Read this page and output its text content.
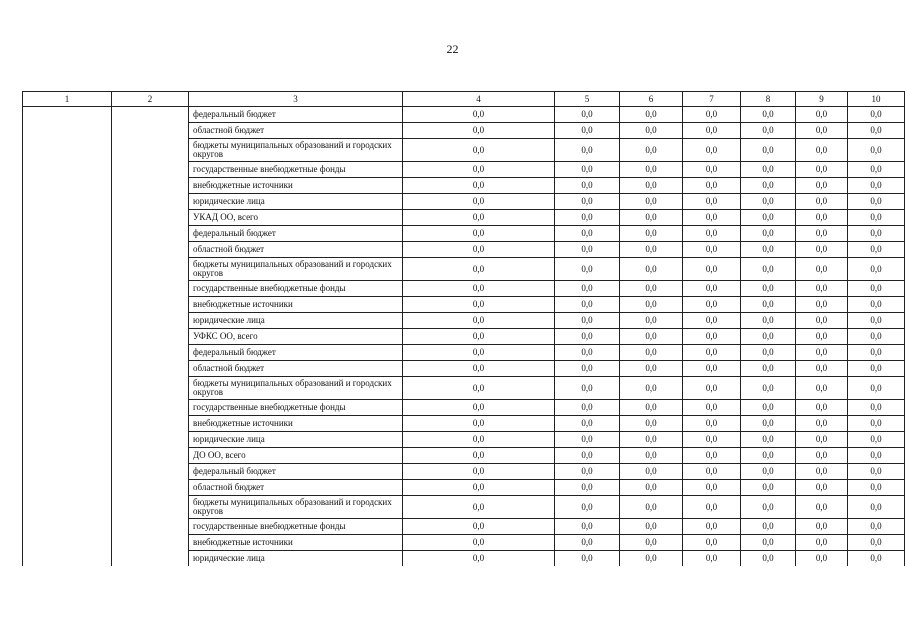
22
1	2	3	4	5	6	7	8	9	10
		федеральный бюджет	0,0	0,0	0,0	0,0	0,0	0,0	0,0
		областной бюджет	0,0	0,0	0,0	0,0	0,0	0,0	0,0
		бюджеты муниципальных образований и городских округов	0,0	0,0	0,0	0,0	0,0	0,0	0,0
		государственные внебюджетные фонды	0,0	0,0	0,0	0,0	0,0	0,0	0,0
		внебюджетные источники	0,0	0,0	0,0	0,0	0,0	0,0	0,0
		юридические лица	0,0	0,0	0,0	0,0	0,0	0,0	0,0
		УКАД ОО, всего	0,0	0,0	0,0	0,0	0,0	0,0	0,0
		федеральный бюджет	0,0	0,0	0,0	0,0	0,0	0,0	0,0
		областной бюджет	0,0	0,0	0,0	0,0	0,0	0,0	0,0
		бюджеты муниципальных образований и городских округов	0,0	0,0	0,0	0,0	0,0	0,0	0,0
		государственные внебюджетные фонды	0,0	0,0	0,0	0,0	0,0	0,0	0,0
		внебюджетные источники	0,0	0,0	0,0	0,0	0,0	0,0	0,0
		юридические лица	0,0	0,0	0,0	0,0	0,0	0,0	0,0
		УФКС ОО, всего	0,0	0,0	0,0	0,0	0,0	0,0	0,0
		федеральный бюджет	0,0	0,0	0,0	0,0	0,0	0,0	0,0
		областной бюджет	0,0	0,0	0,0	0,0	0,0	0,0	0,0
		бюджеты муниципальных образований и городских округов	0,0	0,0	0,0	0,0	0,0	0,0	0,0
		государственные внебюджетные фонды	0,0	0,0	0,0	0,0	0,0	0,0	0,0
		внебюджетные источники	0,0	0,0	0,0	0,0	0,0	0,0	0,0
		юридические лица	0,0	0,0	0,0	0,0	0,0	0,0	0,0
		ДО ОО, всего	0,0	0,0	0,0	0,0	0,0	0,0	0,0
		федеральный бюджет	0,0	0,0	0,0	0,0	0,0	0,0	0,0
		областной бюджет	0,0	0,0	0,0	0,0	0,0	0,0	0,0
		бюджеты муниципальных образований и городских округов	0,0	0,0	0,0	0,0	0,0	0,0	0,0
		государственные внебюджетные фонды	0,0	0,0	0,0	0,0	0,0	0,0	0,0
		внебюджетные источники	0,0	0,0	0,0	0,0	0,0	0,0	0,0
		юридические лица	0,0	0,0	0,0	0,0	0,0	0,0	0,0
